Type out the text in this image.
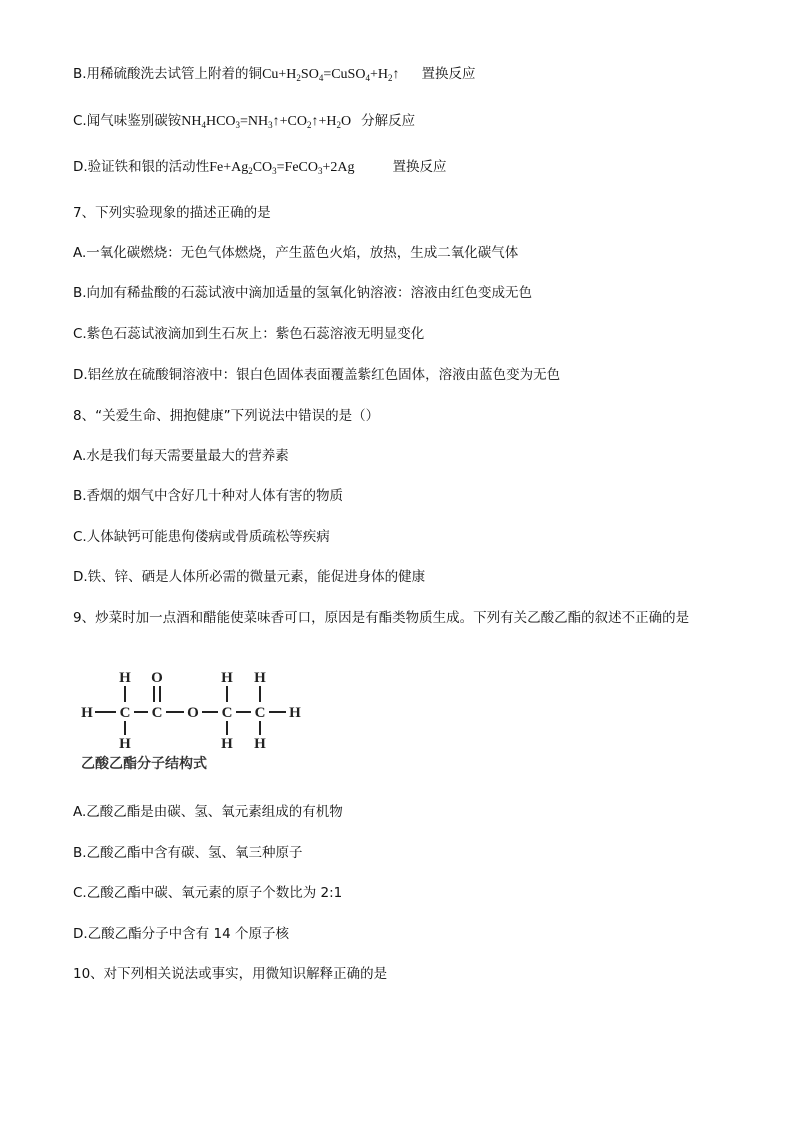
B.用稀硫酸洗去试管上附着的铜$Cu+H_2SO_4=CuSO_4+H_2↑$ 置换反应
C.闻气味鉴别碳铵$NH_4HCO_3=NH_3↑+CO_2↑+H_2O$ 分解反应
D.验证铁和银的活动性$Fe+Ag_2CO_3=FeCO_3+2Ag$	置换反应
7、下列实验现象的描述正确的是
A.一氧化碳燃烧：无色气体燃烧，产生蓝色火焰，放热，生成二氧化碳气体
B.向加有稀盐酸的石蕊试液中滴加适量的氢氧化钠溶液：溶液由红色变成无色
C.紫色石蕊试液滴加到生石灰上：紫色石蕊溶液无明显变化
D.铝丝放在硫酸铜溶液中：银白色固体表面覆盖紫红色固体，溶液由蓝色变为无色
8、“关爱生命、拥抱健康”下列说法中错误的是（）
A.水是我们每天需要量最大的营养素
B.香烟的烟气中含好几十种对人体有害的物质
C.人体缺钙可能患佝偻病或骨质疏松等疾病
D.铁、锌、硒是人体所必需的微量元素，能促进身体的健康
9、炒菜时加一点酒和醋能使菜味香可口，原因是有酯类物质生成。下列有关乙酸乙酯的叙述不正确的是
H O	H H
H C C O C C H
H	H H
乙酸乙酯分子结构式
A.乙酸乙酯是由碳、氢、氧元素组成的有机物
B.乙酸乙酯中含有碳、氢、氧三种原子
C.乙酸乙酯中碳、氧元素的原子个数比为 2:1
D.乙酸乙酯分子中含有 14 个原子核
10、对下列相关说法或事实，用微知识解释正确的是
